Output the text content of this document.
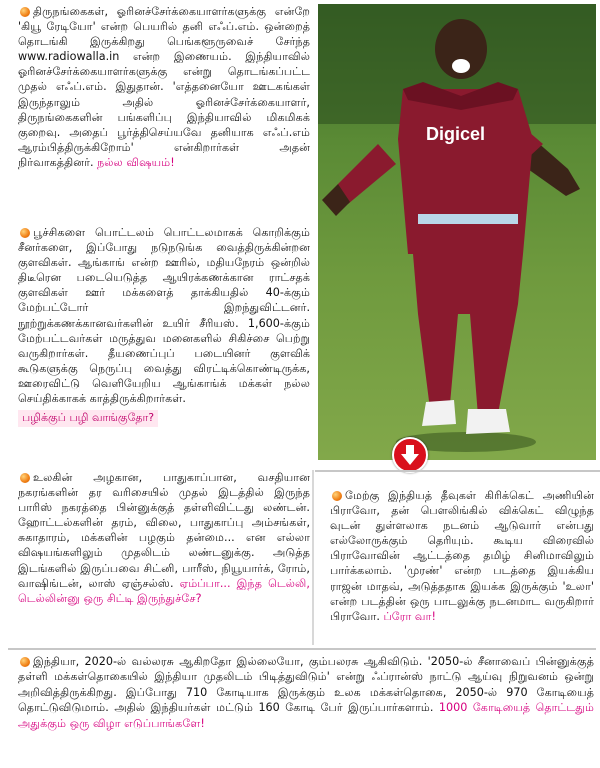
திருநங்கைகள், ஓரினச்சேர்க்கையாளர்களுக்கு என்றே 'கியூ ரேடியோ' என்ற பெயரில் தனி எஃப்.எம். ஒன்றைத் தொடங்கி இருக்கிறது பெங்களூருவைச் சேர்ந்த www.radiowalla.in என்ற இணையம். இந்தியாவில் ஓரினச்சேர்க்கையாளர்களுக்கு என்று தொடங்கப்பட்ட முதல் எஃப்.எம். இதுதான். 'எத்தனையோ ஊடகங்கள் இருந்தாலும் அதில் ஓரினச்சேர்க்கையாளர், திருநங்கைகளின் பங்களிப்பு இந்தியாவில் மிகமிகக் குறைவு. அதைப் பூர்த்திசெய்யவே தனியாக எஃப்.எம் ஆரம்பித்திருக்கிறோம்' என்கிறார்கள் அதன் நிர்வாகத்தினர். நல்ல விஷயம்!

பூச்சிகளை பொட்டலம் பொட்டலமாகக் கொறிக்கும் சீனர்களை, இப்போது நடுநடுங்க வைத்திருக்கின்றன குளவிகள். ஆங்காங் என்ற ஊரில், மதியநேரம் ஒன்றில் திடீரென படையெடுத்த ஆயிரக்கணக்கான ராட்சதக் குளவிகள் ஊர் மக்களைத் தாக்கியதில் 40-க்கும் மேற்பட்டோர் இறந்துவிட்டனர். நூற்றுக்கணக்கானவர்களின் உயிர் சீரியஸ். 1,600-க்கும் மேற்பட்டவர்கள் மருத்துவ மனைகளில் சிகிச்சை பெற்று வருகிறார்கள். தீயணைப்புப் படையினர் குளவிக் கூடுகளுக்கு நெருப்பு வைத்து விரட்டிக்கொண்டிருக்க, ஊரைவிட்டு வெளியேறிய ஆங்காங்க் மக்கள் நல்ல செய்திக்காகக் காத்திருக்கிறார்கள்.

பழிக்குப் பழி வாங்குதோ?

உலகின் அழகான, பாதுகாப்பான, வசதியான நகரங்களின் தர வரிசையில் முதல் இடத்தில் இருந்த பாரிஸ் நகரத்தை பின்னுக்குத் தள்ளிவிட்டது லண்டன். ஹோட்டல்களின் தரம், விலை, பாதுகாப்பு அம்சங்கள், சுகாதாரம், மக்களின் பழகும் தன்மை... என எல்லா விஷயங்களிலும் முதலிடம் லண்டனுக்கு. அடுத்த இடங்களில் இருப்பவை சிட்னி, பாரீஸ், நியூயார்க், ரோம், வாஷிங்டன், லாஸ் ஏஞ்சல்ஸ். ஏம்ப்பா... இந்த டெல்லி, டெல்லின்னு ஒரு சிட்டி இருந்துச்சே?

Digicel

மேற்கு இந்தியத் தீவுகள் கிரிக்கெட் அணியின் பிராவோ, தன் பௌலிங்கில் விக்கெட் விழுந்த வுடன் துள்ளலாக நடனம் ஆடுவார் என்பது எல்லோருக்கும் தெரியும். கூடிய விரைவில் பிராவோவின் ஆட்டத்தை தமிழ் சினிமாவிலும் பார்க்கலாம். 'முரண்' என்ற படத்தை இயக்கிய ராஜன் மாதவ், அடுத்ததாக இயக்க இருக்கும் 'உலா' என்ற படத்தின் ஒரு பாடலுக்கு நடனமாட வருகிறார் பிராவோ. ப்ரோ வா!

இந்தியா, 2020-ல் வல்லரசு ஆகிறதோ இல்லையோ, கும்பலரசு ஆகிவிடும். '2050-ல் சீனாவைப் பின்னுக்குத் தள்ளி மக்கள்தொகையில் இந்தியா முதலிடம் பிடித்துவிடும்' என்று ஃப்ரான்ஸ் நாட்டு ஆய்வு நிறுவனம் ஒன்று அறிவித்திருக்கிறது. இப்போது 710 கோடியாக இருக்கும் உலக மக்கள்தொகை, 2050-ல் 970 கோடியைத் தொட்டுவிடுமாம். அதில் இந்தியர்கள் மட்டும் 160 கோடி பேர் இருப்பார்களாம். 1000 கோடியைத் தொட்டதும் அதுக்கும் ஒரு விழா எடுப்பாங்களே!
